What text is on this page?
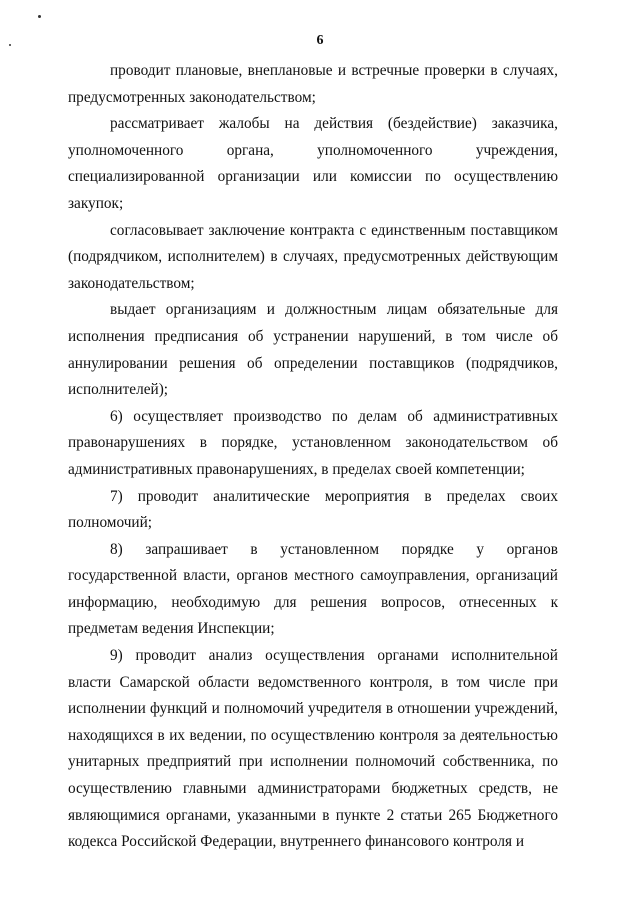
6

проводит плановые, внеплановые и встречные проверки в случаях, предусмотренных законодательством;

рассматривает жалобы на действия (бездействие) заказчика, уполномоченного органа, уполномоченного учреждения, специализированной организации или комиссии по осуществлению закупок;

согласовывает заключение контракта с единственным поставщиком (подрядчиком, исполнителем) в случаях, предусмотренных действующим законодательством;

выдает организациям и должностным лицам обязательные для исполнения предписания об устранении нарушений, в том числе об аннулировании решения об определении поставщиков (подрядчиков, исполнителей);

6) осуществляет производство по делам об административных правонарушениях в порядке, установленном законодательством об административных правонарушениях, в пределах своей компетенции;

7) проводит аналитические мероприятия в пределах своих полномочий;

8) запрашивает в установленном порядке у органов государственной власти, органов местного самоуправления, организаций информацию, необходимую для решения вопросов, отнесенных к предметам ведения Инспекции;

9) проводит анализ осуществления органами исполнительной власти Самарской области ведомственного контроля, в том числе при исполнении функций и полномочий учредителя в отношении учреждений, находящихся в их ведении, по осуществлению контроля за деятельностью унитарных предприятий при исполнении полномочий собственника, по осуществлению главными администраторами бюджетных средств, не являющимися органами, указанными в пункте 2 статьи 265 Бюджетного кодекса Российской Федерации, внутреннего финансового контроля и
